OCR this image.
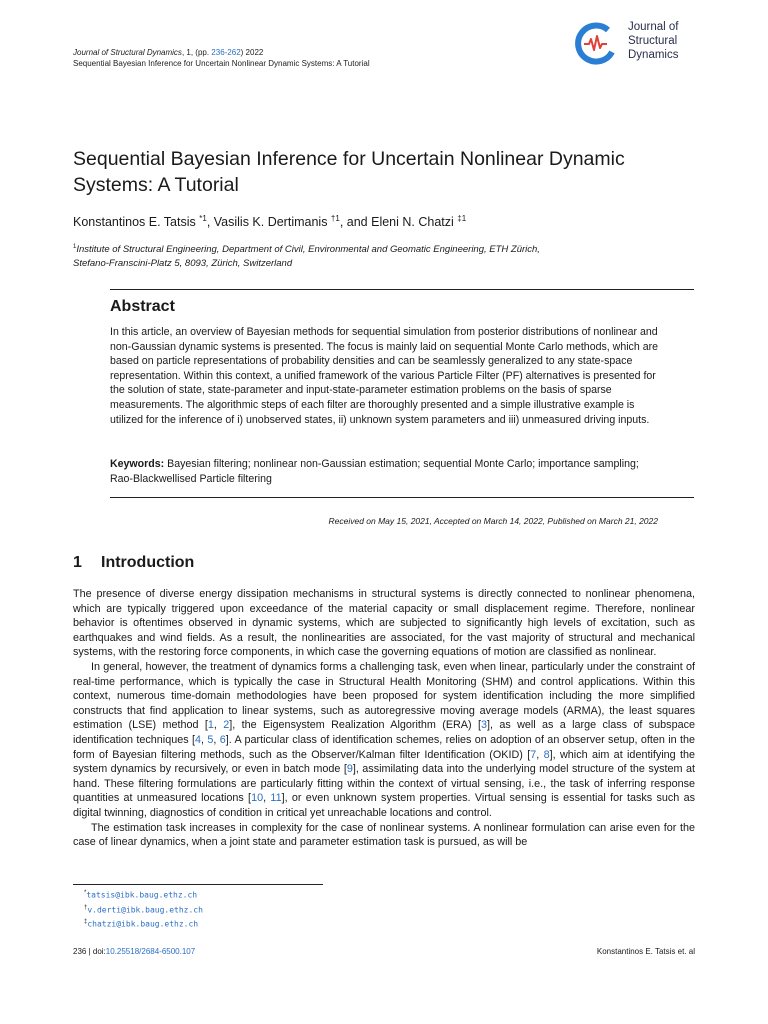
Journal of Structural Dynamics, 1, (pp. 236-262) 2022
Sequential Bayesian Inference for Uncertain Nonlinear Dynamic Systems: A Tutorial
Journal of
Structural
Dynamics
Sequential Bayesian Inference for Uncertain Nonlinear Dynamic Systems: A Tutorial
Konstantinos E. Tatsis $^{*1}$, Vasilis K. Dertimanis $^{\dagger 1}$, and Eleni N. Chatzi $^{\ddagger 1}$
$^1$Institute of Structural Engineering, Department of Civil, Environmental and Geomatic Engineering, ETH Zürich,
Stefano-Franscini-Platz 5, 8093, Zürich, Switzerland
Abstract

In this article, an overview of Bayesian methods for sequential simulation from posterior distributions of nonlinear and non-Gaussian dynamic systems is presented. The focus is mainly laid on sequential Monte Carlo methods, which are based on particle representations of probability densities and can be seamlessly generalized to any state-space representation. Within this context, a unified framework of the various Particle Filter (PF) alternatives is presented for the solution of state, state-parameter and input-state-parameter estimation problems on the basis of sparse measurements. The algorithmic steps of each filter are thoroughly presented and a simple illustrative example is utilized for the inference of i) unobserved states, ii) unknown system parameters and iii) unmeasured driving inputs.

Keywords: Bayesian filtering; nonlinear non-Gaussian estimation; sequential Monte Carlo; importance sampling; Rao-Blackwellised Particle filtering

Received on May 15, 2021, Accepted on March 14, 2022, Published on March 21, 2022
1 Introduction

The presence of diverse energy dissipation mechanisms in structural systems is directly connected to nonlinear phenomena, which are typically triggered upon exceedance of the material capacity or small displacement regime. Therefore, nonlinear behavior is oftentimes observed in dynamic systems, which are subjected to significantly high levels of excitation, such as earthquakes and wind fields. As a result, the nonlinearities are associated, for the vast majority of structural and mechanical systems, with the restoring force components, in which case the governing equations of motion are classified as nonlinear.

In general, however, the treatment of dynamics forms a challenging task, even when linear, particularly under the constraint of real-time performance, which is typically the case in Structural Health Monitoring (SHM) and control applications. Within this context, numerous time-domain methodologies have been proposed for system identification including the more simplified constructs that find application to linear systems, such as autoregressive moving average models (ARMA), the least squares estimation (LSE) method [1, 2], the Eigensystem Realization Algorithm (ERA) [3], as well as a large class of subspace identification techniques [4, 5, 6]. A particular class of identification schemes, relies on adoption of an observer setup, often in the form of Bayesian filtering methods, such as the Observer/Kalman filter Identification (OKID) [7, 8], which aim at identifying the system dynamics by recursively, or even in batch mode [9], assimilating data into the underlying model structure of the system at hand. These filtering formulations are particularly fitting within the context of virtual sensing, i.e., the task of inferring response quantities at unmeasured locations [10, 11], or even unknown system properties. Virtual sensing is essential for tasks such as digital twinning, diagnostics of condition in critical yet unreachable locations and control.

The estimation task increases in complexity for the case of nonlinear systems. A nonlinear formulation can arise even for the case of linear dynamics, when a joint state and parameter estimation task is pursued, as will be

*tatsis@ibk.baug.ethz.ch
†v.derti@ibk.baug.ethz.ch
‡chatzi@ibk.baug.ethz.ch
236 | doi:10.25518/2684-6500.107	Konstantinos E. Tatsis et. al
